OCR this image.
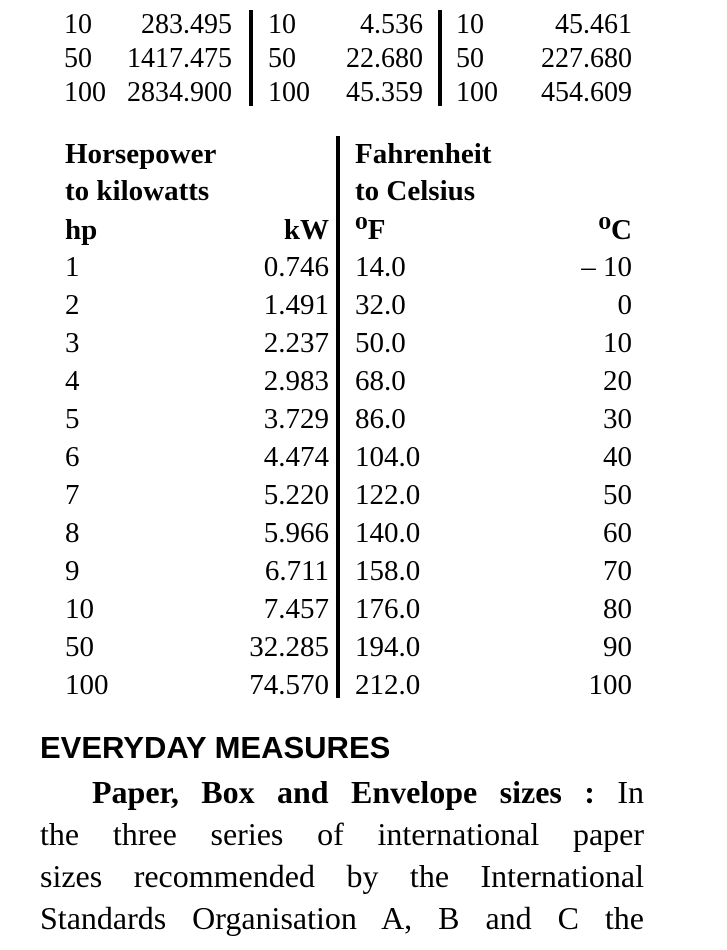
10	283.495 10	4.536 10	45.461
50	1417.475 50	22.680 50	227.680
100 2834.900 100	45.359 100	454.609
Horsepower
to kilowatts
Fahrenheit
to Celsius
hp	kW ⁰F	⁰C
1	0.746 14.0	– 10
2	1.491 32.0	0
3	2.237 50.0	10
4	2.983 68.0	20
5	3.729 86.0	30
6	4.474 104.0	40
7	5.220 122.0	50
8	5.966 140.0	60
9	6.711 158.0	70
10	7.457 176.0	80
50	32.285 194.0	90
100	74.570 212.0	100
EVERYDAY MEASURES
Paper, Box and Envelope sizes : In
the three series of international paper
sizes recommended by the International
Standards Organisation A, B and C the
